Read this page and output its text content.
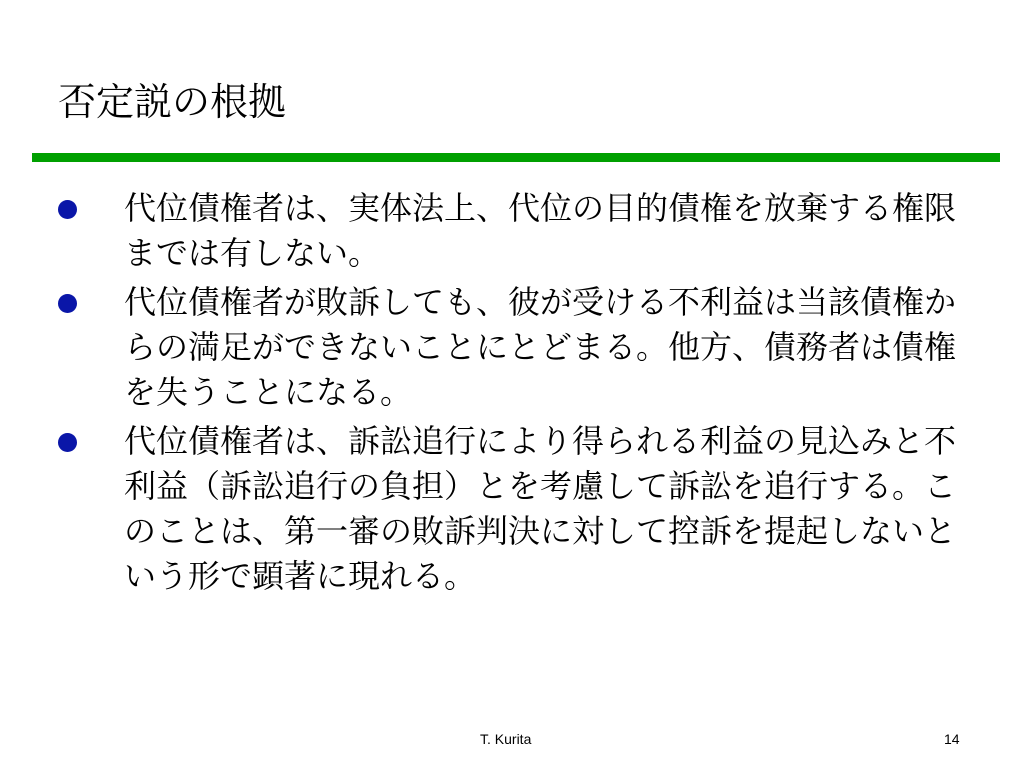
否定説の根拠
代位債権者は、実体法上、代位の目的債権を放棄する権限までは有しない。
代位債権者が敗訴しても、彼が受ける不利益は当該債権からの満足ができないことにとどまる。他方、債務者は債権を失うことになる。
代位債権者は、訴訟追行により得られる利益の見込みと不利益（訴訟追行の負担）とを考慮して訴訟を追行する。このことは、第一審の敗訴判決に対して控訴を提起しないという形で顕著に現れる。
T. Kurita	14
